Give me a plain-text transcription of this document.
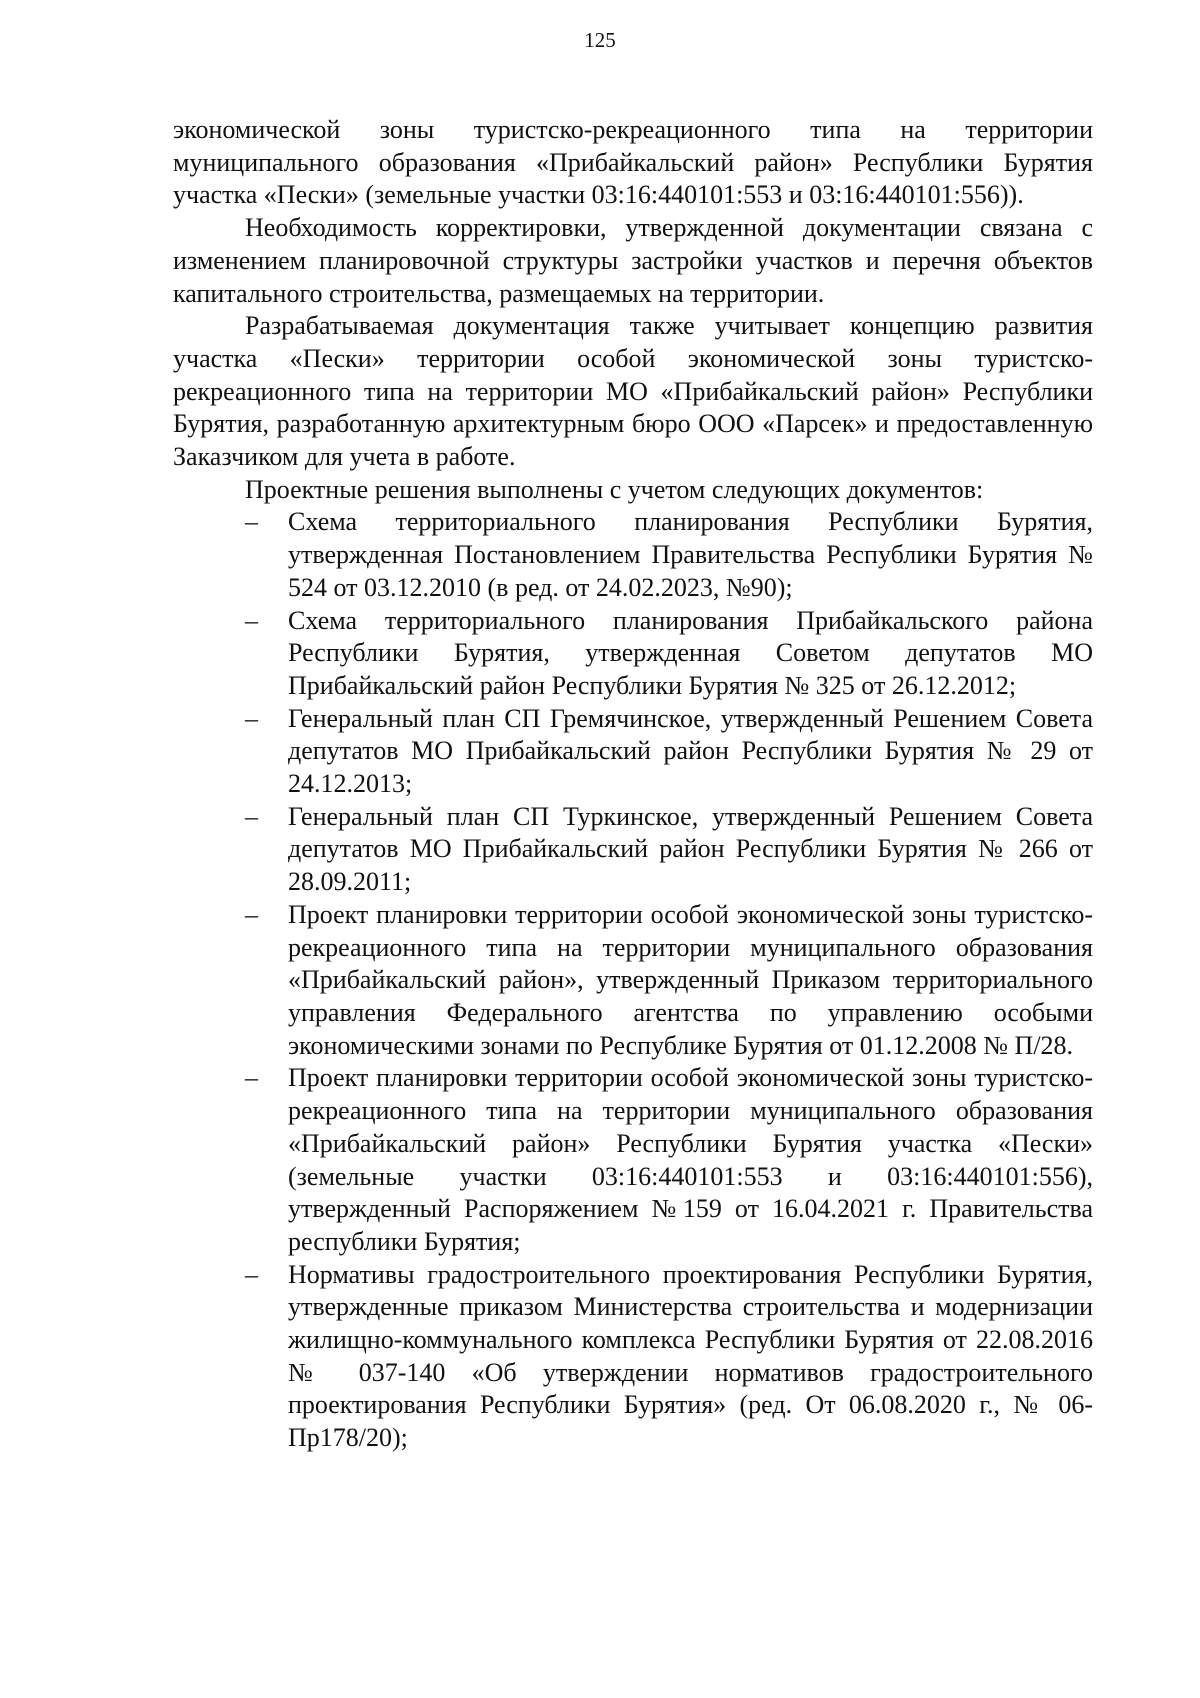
125

экономической зоны туристско-рекреационного типа на территории муниципального образования «Прибайкальский район» Республики Бурятия участка «Пески» (земельные участки 03:16:440101:553 и 03:16:440101:556)).

Необходимость корректировки, утвержденной документации связана с изменением планировочной структуры застройки участков и перечня объектов капитального строительства, размещаемых на территории.

Разрабатываемая документация также учитывает концепцию развития участка «Пески» территории особой экономической зоны туристско-рекреационного типа на территории МО «Прибайкальский район» Республики Бурятия, разработанную архитектурным бюро ООО «Парсек» и предоставленную Заказчиком для учета в работе.

Проектные решения выполнены с учетом следующих документов:

– Схема территориального планирования Республики Бурятия, утвержденная Постановлением Правительства Республики Бурятия № 524 от 03.12.2010 (в ред. от 24.02.2023, №90);
– Схема территориального планирования Прибайкальского района Республики Бурятия, утвержденная Советом депутатов МО Прибайкальский район Республики Бурятия № 325 от 26.12.2012;
– Генеральный план СП Гремячинское, утвержденный Решением Совета депутатов МО Прибайкальский район Республики Бурятия № 29 от 24.12.2013;
– Генеральный план СП Туркинское, утвержденный Решением Совета депутатов МО Прибайкальский район Республики Бурятия № 266 от 28.09.2011;
– Проект планировки территории особой экономической зоны туристско-рекреационного типа на территории муниципального образования «Прибайкальский район», утвержденный Приказом территориального управления Федерального агентства по управлению особыми экономическими зонами по Республике Бурятия от 01.12.2008 № П/28.
– Проект планировки территории особой экономической зоны туристско-рекреационного типа на территории муниципального образования «Прибайкальский район» Республики Бурятия участка «Пески» (земельные участки 03:16:440101:553 и 03:16:440101:556), утвержденный Распоряжением №159 от 16.04.2021 г. Правительства республики Бурятия;
– Нормативы градостроительного проектирования Республики Бурятия, утвержденные приказом Министерства строительства и модернизации жилищно-коммунального комплекса Республики Бурятия от 22.08.2016 № 037-140 «Об утверждении нормативов градостроительного проектирования Республики Бурятия» (ред. От 06.08.2020 г., № 06-Пр178/20);
